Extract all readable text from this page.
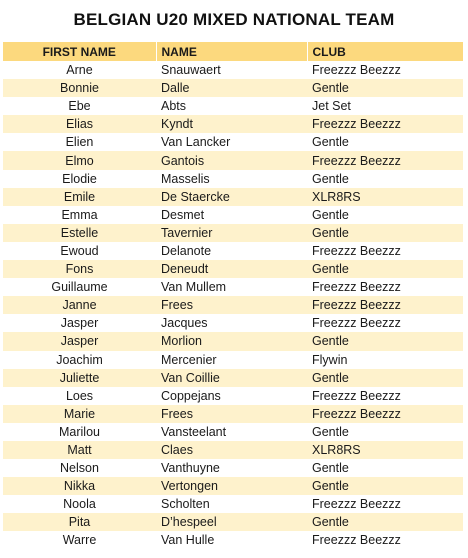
BELGIAN U20 MIXED NATIONAL TEAM
FIRST NAME	NAME	CLUB
Arne	Snauwaert	Freezzz Beezzz
Bonnie	Dalle	Gentle
Ebe	Abts	Jet Set
Elias	Kyndt	Freezzz Beezzz
Elien	Van Lancker	Gentle
Elmo	Gantois	Freezzz Beezzz
Elodie	Masselis	Gentle
Emile	De Staercke	XLR8RS
Emma	Desmet	Gentle
Estelle	Tavernier	Gentle
Ewoud	Delanote	Freezzz Beezzz
Fons	Deneudt	Gentle
Guillaume	Van Mullem	Freezzz Beezzz
Janne	Frees	Freezzz Beezzz
Jasper	Jacques	Freezzz Beezzz
Jasper	Morlion	Gentle
Joachim	Mercenier	Flywin
Juliette	Van Coillie	Gentle
Loes	Coppejans	Freezzz Beezzz
Marie	Frees	Freezzz Beezzz
Marilou	Vansteelant	Gentle
Matt	Claes	XLR8RS
Nelson	Vanthuyne	Gentle
Nikka	Vertongen	Gentle
Noola	Scholten	Freezzz Beezzz
Pita	D’hespeel	Gentle
Warre	Van Hulle	Freezzz Beezzz
